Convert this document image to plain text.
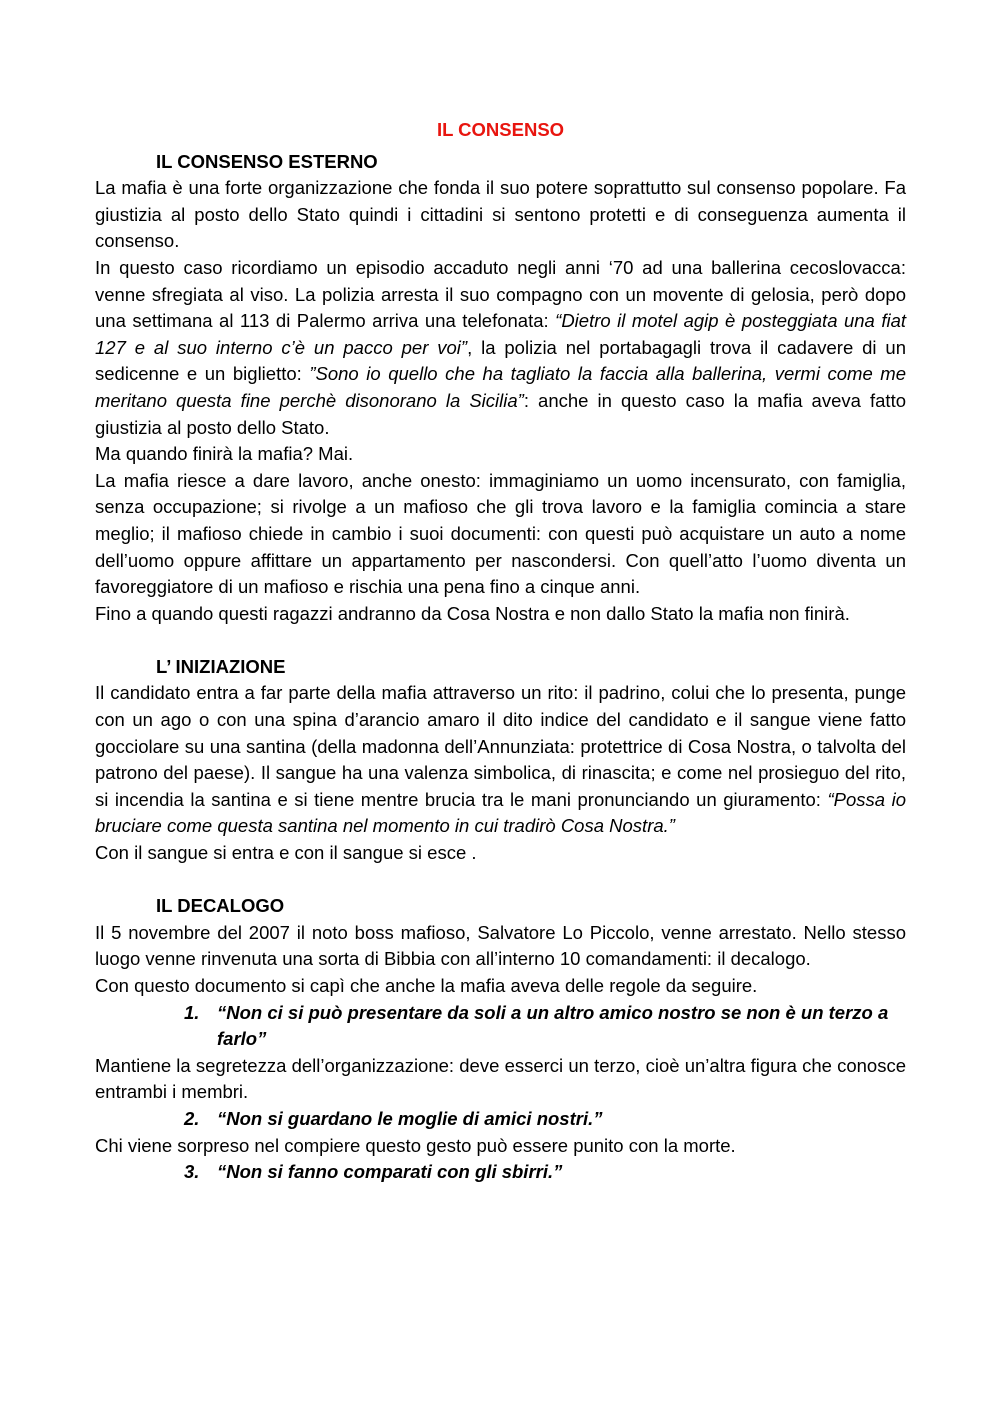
IL CONSENSO

IL CONSENSO ESTERNO

La mafia è una forte organizzazione che fonda il suo potere soprattutto sul consenso popolare. Fa giustizia al posto dello Stato quindi i cittadini si sentono protetti e di conseguenza aumenta il consenso.

In questo caso ricordiamo un episodio accaduto negli anni ‘70 ad una ballerina cecoslovacca: venne sfregiata al viso. La polizia arresta il suo compagno con un movente di gelosia, però dopo una settimana al 113 di Palermo arriva una telefonata: “Dietro il motel agip è posteggiata una fiat 127 e al suo interno c’è un pacco per voi”, la polizia nel portabagagli trova il cadavere di un sedicenne e un biglietto: ”Sono io quello che ha tagliato la faccia alla ballerina, vermi come me meritano questa fine perchè disonorano la Sicilia”: anche in questo caso la mafia aveva fatto giustizia al posto dello Stato.

Ma quando finirà la mafia? Mai.

La mafia riesce a dare lavoro, anche onesto: immaginiamo un uomo incensurato, con famiglia, senza occupazione; si rivolge a un mafioso che gli trova lavoro e la famiglia comincia a stare meglio; il mafioso chiede in cambio i suoi documenti: con questi può acquistare un auto a nome dell’uomo oppure affittare un appartamento per nascondersi. Con quell’atto l’uomo diventa un favoreggiatore di un mafioso e rischia una pena fino a cinque anni.

Fino a quando questi ragazzi andranno da Cosa Nostra e non dallo Stato la mafia non finirà.

L’ INIZIAZIONE

Il candidato entra a far parte della mafia attraverso un rito: il padrino, colui che lo presenta, punge con un ago o con una spina d’arancio amaro il dito indice del candidato e il sangue viene fatto gocciolare su una santina (della madonna dell’Annunziata: protettrice di Cosa Nostra, o talvolta del patrono del paese). Il sangue ha una valenza simbolica, di rinascita; e come nel prosieguo del rito, si incendia la santina e si tiene mentre brucia tra le mani pronunciando un giuramento: “Possa io bruciare come questa santina nel momento in cui tradirò Cosa Nostra.”

Con il sangue si entra e con il sangue si esce .

IL DECALOGO

Il 5 novembre del 2007 il noto boss mafioso, Salvatore Lo Piccolo, venne arrestato. Nello stesso luogo venne rinvenuta una sorta di Bibbia con all’interno 10 comandamenti: il decalogo.

Con questo documento si capì che anche la mafia aveva delle regole da seguire.

1. “Non ci si può presentare da soli a un altro amico nostro se non è un terzo a farlo”

Mantiene la segretezza dell’organizzazione: deve esserci un terzo, cioè un’altra figura che conosce entrambi i membri.

2. “Non si guardano le moglie di amici nostri.”

Chi viene sorpreso nel compiere questo gesto può essere punito con la morte.

3. “Non si fanno comparati con gli sbirri.”
